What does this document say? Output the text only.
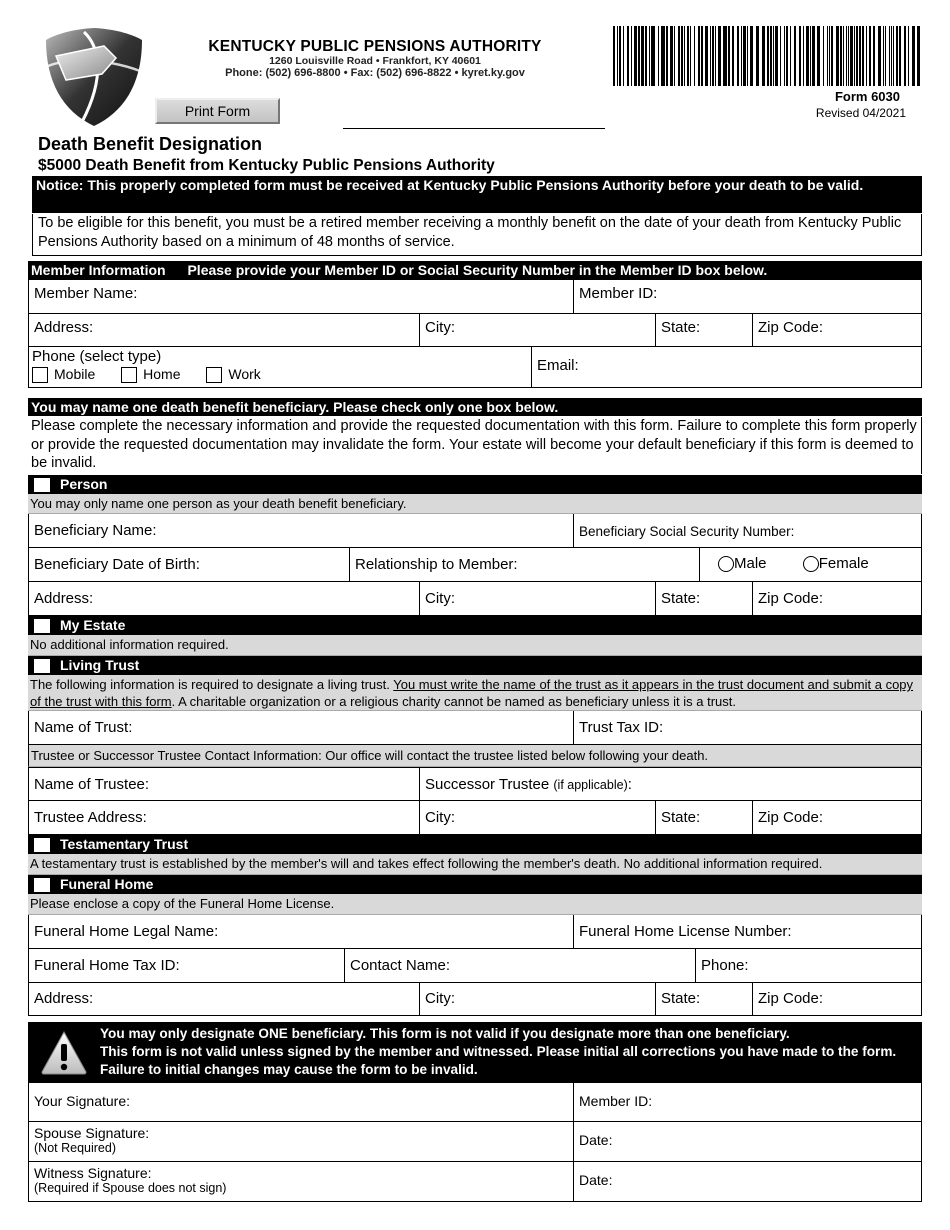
KENTUCKY PUBLIC PENSIONS AUTHORITY
1260 Louisville Road • Frankfort, KY 40601
Phone: (502) 696-8800 • Fax: (502) 696-8822 • kyret.ky.gov
Print Form
Form 6030
Revised 04/2021
Death Benefit Designation
$5000 Death Benefit from Kentucky Public Pensions Authority
Notice: This properly completed form must be received at Kentucky Public Pensions Authority before your death to be valid.
To be eligible for this benefit, you must be a retired member receiving a monthly benefit on the date of your death from Kentucky Public Pensions Authority based on a minimum of 48 months of service.
Member Information Please provide your Member ID or Social Security Number in the Member ID box below.
Member Name:	Member ID:
Address:	City:	State:	Zip Code:
Phone (select type)
Mobile	Home	Work	Email:
You may name one death benefit beneficiary. Please check only one box below.
Please complete the necessary information and provide the requested documentation with this form. Failure to complete this form properly or provide the requested documentation may invalidate the form. Your estate will become your default beneficiary if this form is deemed to be invalid.
Person
You may only name one person as your death benefit beneficiary.
Beneficiary Name:	Beneficiary Social Security Number:
Beneficiary Date of Birth:	Relationship to Member:	Male	Female
Address:	City:	State:	Zip Code:
My Estate
No additional information required.
Living Trust
The following information is required to designate a living trust. You must write the name of the trust as it appears in the trust document and submit a copy of the trust with this form. A charitable organization or a religious charity cannot be named as beneficiary unless it is a trust.
Name of Trust:	Trust Tax ID:
Trustee or Successor Trustee Contact Information: Our office will contact the trustee listed below following your death.
Name of Trustee:	Successor Trustee (if applicable):
Trustee Address:	City:	State:	Zip Code:
Testamentary Trust
A testamentary trust is established by the member's will and takes effect following the member's death. No additional information required.
Funeral Home
Please enclose a copy of the Funeral Home License.
Funeral Home Legal Name:	Funeral Home License Number:
Funeral Home Tax ID:	Contact Name:	Phone:
Address:	City:	State:	Zip Code:
You may only designate ONE beneficiary. This form is not valid if you designate more than one beneficiary.
This form is not valid unless signed by the member and witnessed. Please initial all corrections you have made to the form. Failure to initial changes may cause the form to be invalid.
Your Signature:	Member ID:
Spouse Signature:
(Not Required)	Date:
Witness Signature:
(Required if Spouse does not sign)	Date:
